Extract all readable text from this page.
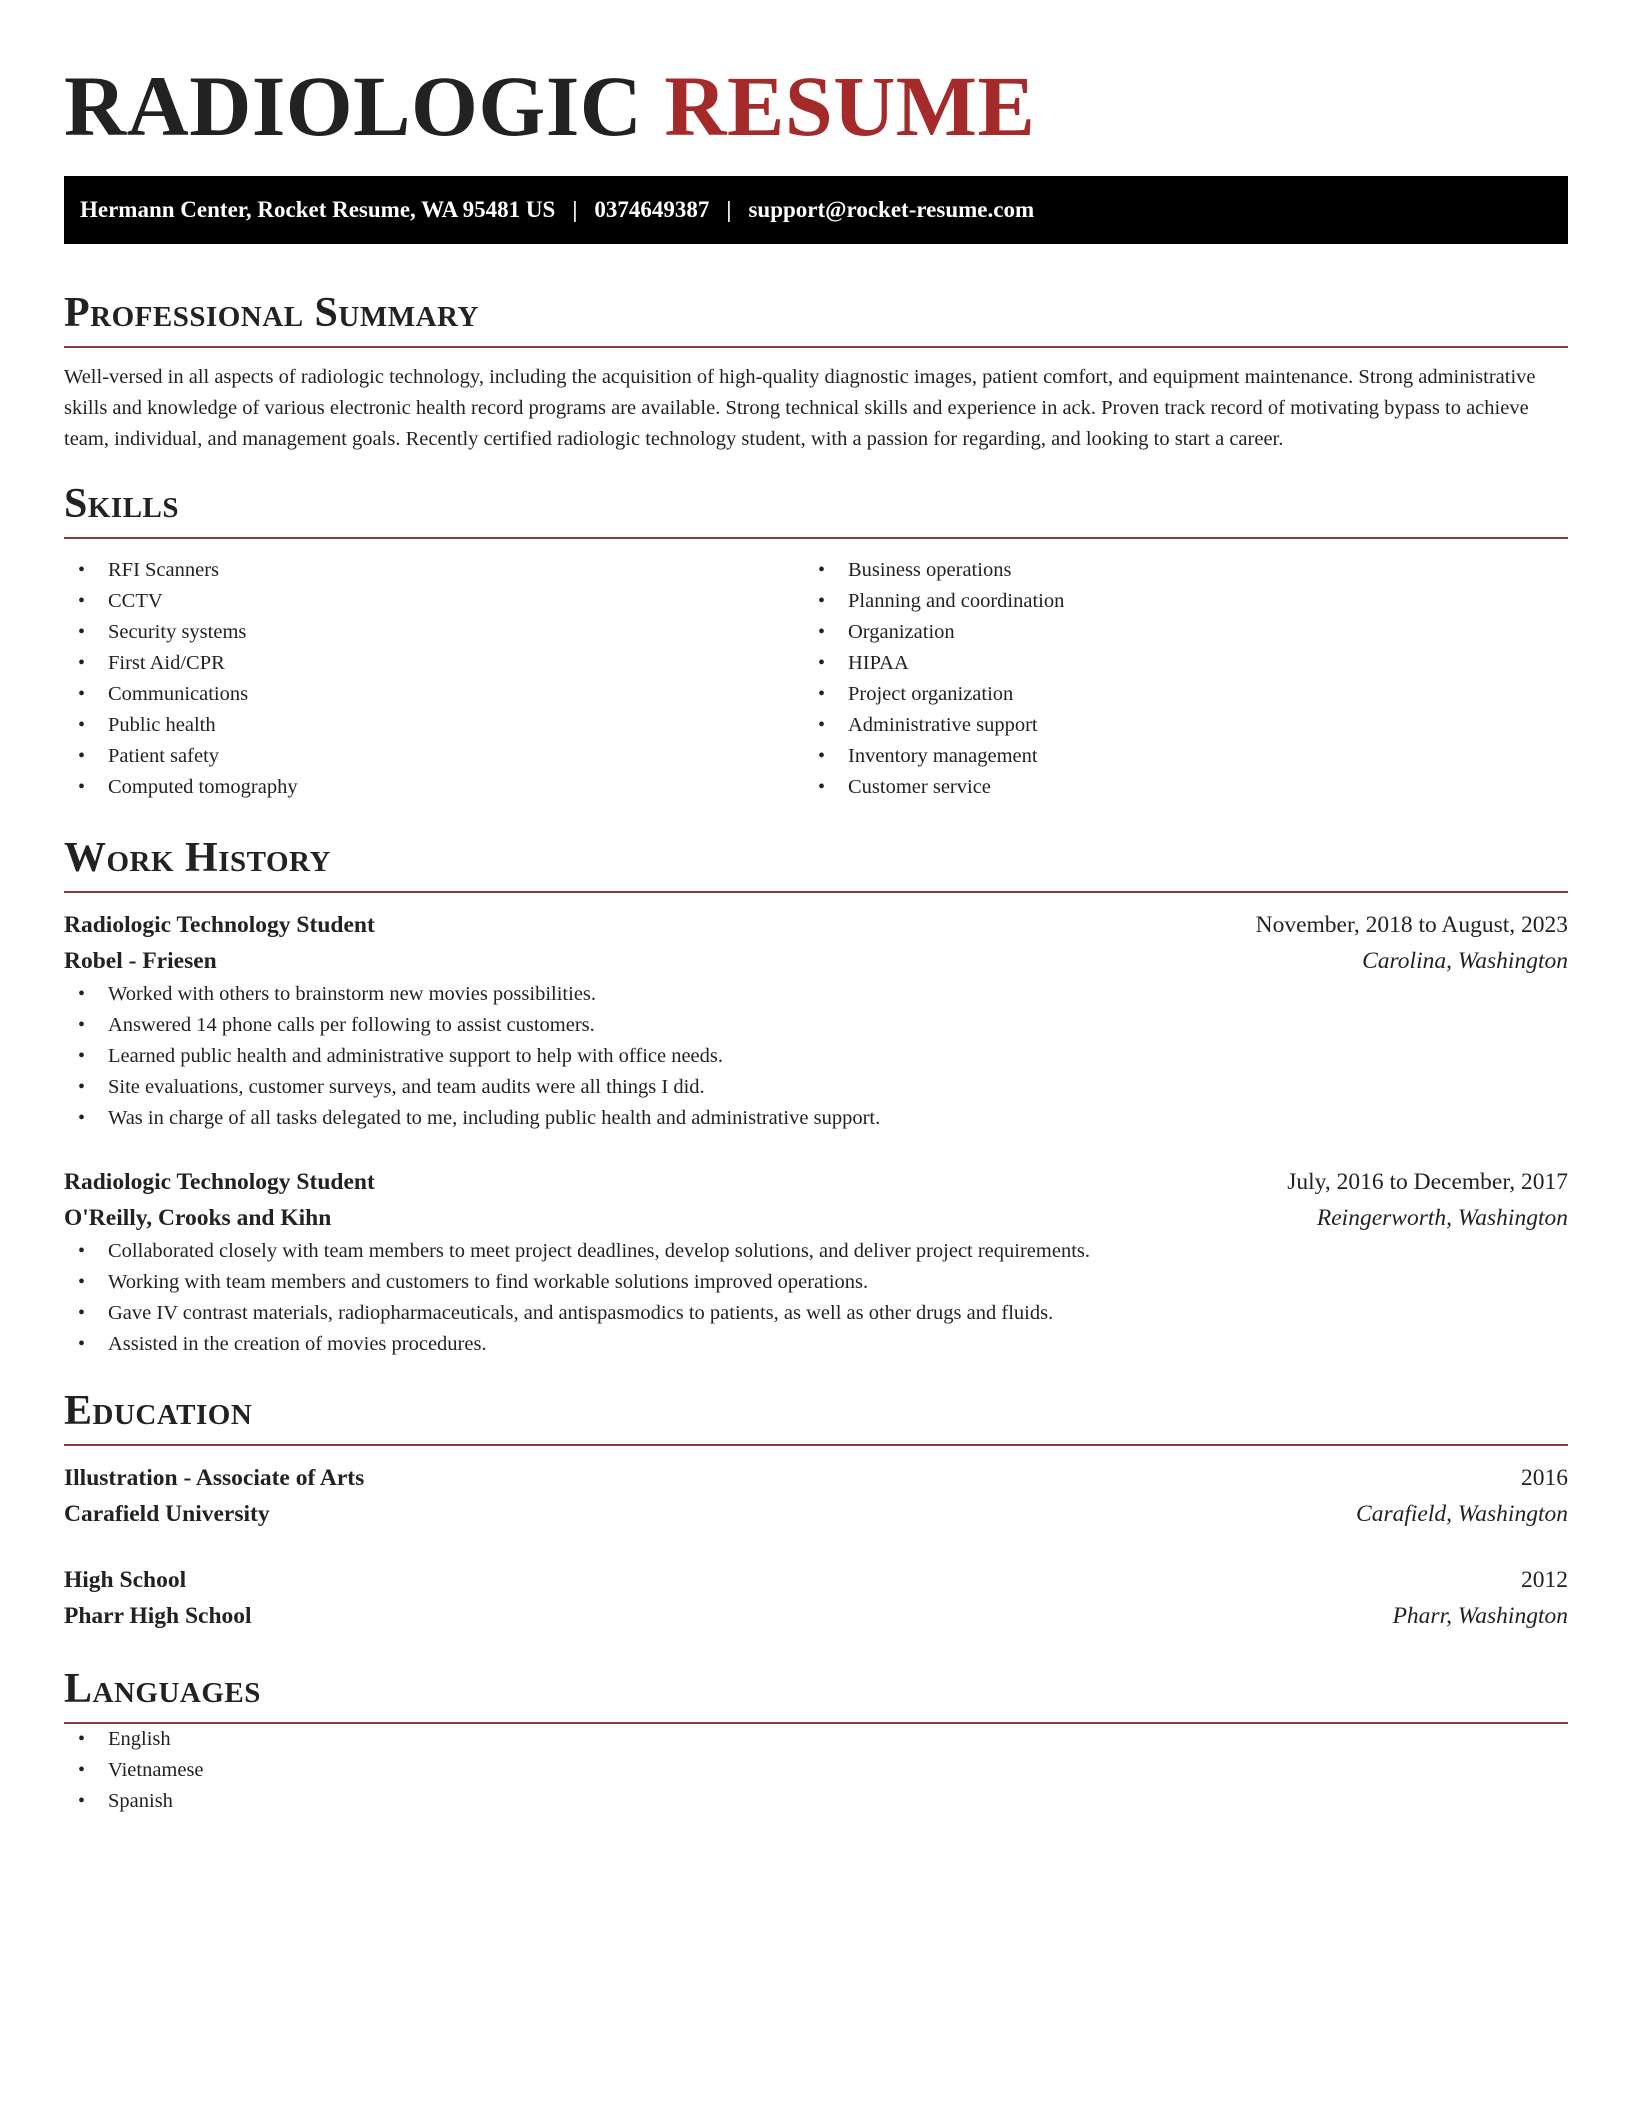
RADIOLOGIC RESUME
Hermann Center, Rocket Resume, WA 95481 US | 0374649387 | support@rocket-resume.com
Professional Summary

Well-versed in all aspects of radiologic technology, including the acquisition of high-quality diagnostic images, patient comfort, and equipment maintenance. Strong administrative skills and knowledge of various electronic health record programs are available. Strong technical skills and experience in ack. Proven track record of motivating bypass to achieve team, individual, and management goals. Recently certified radiologic technology student, with a passion for regarding, and looking to start a career.

Skills
• RFI Scanners
• CCTV
• Security systems
• First Aid/CPR
• Communications
• Public health
• Patient safety
• Computed tomography
• Business operations
• Planning and coordination
• Organization
• HIPAA
• Project organization
• Administrative support
• Inventory management
• Customer service
Work History
Radiologic Technology Student	November, 2018 to August, 2023
Robel - Friesen	Carolina, Washington
• Worked with others to brainstorm new movies possibilities.
• Answered 14 phone calls per following to assist customers.
• Learned public health and administrative support to help with office needs.
• Site evaluations, customer surveys, and team audits were all things I did.
• Was in charge of all tasks delegated to me, including public health and administrative support.
Radiologic Technology Student	July, 2016 to December, 2017
O'Reilly, Crooks and Kihn	Reingerworth, Washington
• Collaborated closely with team members to meet project deadlines, develop solutions, and deliver project requirements.
• Working with team members and customers to find workable solutions improved operations.
• Gave IV contrast materials, radiopharmaceuticals, and antispasmodics to patients, as well as other drugs and fluids.
• Assisted in the creation of movies procedures.
Education
Illustration - Associate of Arts	2016
Carafield University	Carafield, Washington
High School	2012
Pharr High School	Pharr, Washington
Languages
• English
• Vietnamese
• Spanish
